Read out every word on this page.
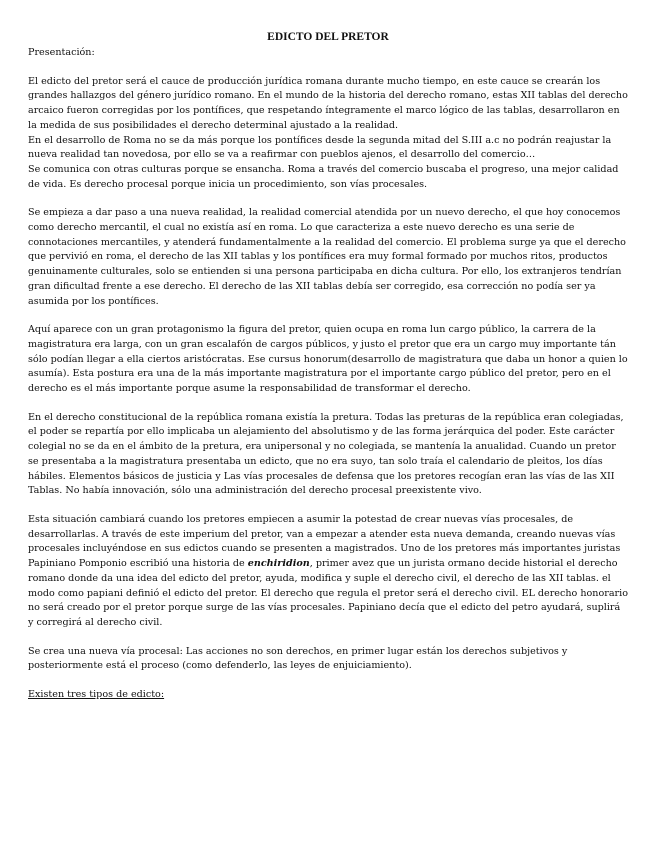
EDICTO DEL PRETOR
Presentación:
El edicto del pretor será el cauce de producción jurídica romana durante mucho tiempo, en este cauce se crearán los grandes hallazgos del género jurídico romano. En el mundo de la historia del derecho romano, estas XII tablas del derecho arcaico fueron corregidas por los pontífices, que respetando íntegramente el marco lógico de las tablas, desarrollaron en la medida de sus posibilidades el derecho determinal ajustado a la realidad.
En el desarrollo de Roma no se da más porque los pontífices desde la segunda mitad del S.III a.c no podrán reajustar la nueva realidad tan novedosa, por ello se va a reafirmar con pueblos ajenos, el desarrollo del comercio…
Se comunica con otras culturas porque se ensancha. Roma a través del comercio buscaba el progreso, una mejor calidad de vida. Es derecho procesal porque inicia un procedimiento, son vías procesales.
Se empieza a dar paso a una nueva realidad, la realidad comercial atendida por un nuevo derecho, el que hoy conocemos como derecho mercantil, el cual no existía así en roma. Lo que caracteriza a este nuevo derecho es una serie de connotaciones mercantiles, y atenderá fundamentalmente a la realidad del comercio. El problema surge ya que el derecho que pervivió en roma, el derecho de las XII tablas y los pontífices era muy formal formado por muchos ritos, productos genuinamente culturales, solo se entienden si una persona participaba en dicha cultura. Por ello, los extranjeros tendrían gran dificultad frente a ese derecho. El derecho de las XII tablas debía ser corregido, esa corrección no podía ser ya asumida por los pontífices.
Aquí aparece con un gran protagonismo la figura del pretor, quien ocupa en roma lun cargo público, la carrera de la magistratura era larga, con un gran escalafón de cargos públicos, y justo el pretor que era un cargo muy importante tán sólo podían llegar a ella ciertos aristócratas. Ese cursus honorum(desarrollo de magistratura que daba un honor a quien lo asumía). Esta postura era una de la más importante magistratura por el importante cargo público del pretor, pero en el derecho es el más importante porque asume la responsabilidad de transformar el derecho.
En el derecho constitucional de la república romana existía la pretura. Todas las preturas de la república eran colegiadas, el poder se repartía por ello implicaba un alejamiento del absolutismo y de las forma jerárquica del poder. Este carácter colegial no se da en el ámbito de la pretura, era unipersonal y no colegiada, se mantenía la anualidad. Cuando un pretor se presentaba a la magistratura presentaba un edicto, que no era suyo, tan solo traía el calendario de pleitos, los días hábiles. Elementos básicos de justicia y Las vías procesales de defensa que los pretores recogían eran las vías de las XII Tablas. No había innovación, sólo una administración del derecho procesal preexistente vivo.
Esta situación cambiará cuando los pretores empiecen a asumir la potestad de crear nuevas vías procesales, de desarrollarlas. A través de este imperium del pretor, van a empezar a atender esta nueva demanda, creando nuevas vías procesales incluyéndose en sus edictos cuando se presenten a magistrados. Uno de los pretores más importantes juristas Papiniano Pomponio escribió una historia de enchiridion, primer avez que un jurista ormano decide historial el derecho romano donde da una idea del edicto del pretor, ayuda, modifica y suple el derecho civil, el derecho de las XII tablas. el modo como papiani definió el edicto del pretor. El derecho que regula el pretor será el derecho civil. EL derecho honorario no será creado por el pretor porque surge de las vías procesales. Papiniano decía que el edicto del petro ayudará, suplirá y corregirá al derecho civil.
Se crea una nueva vía procesal: Las acciones no son derechos, en primer lugar están los derechos subjetivos y posteriormente está el proceso (como defenderlo, las leyes de enjuiciamiento).
Existen tres tipos de edicto:
